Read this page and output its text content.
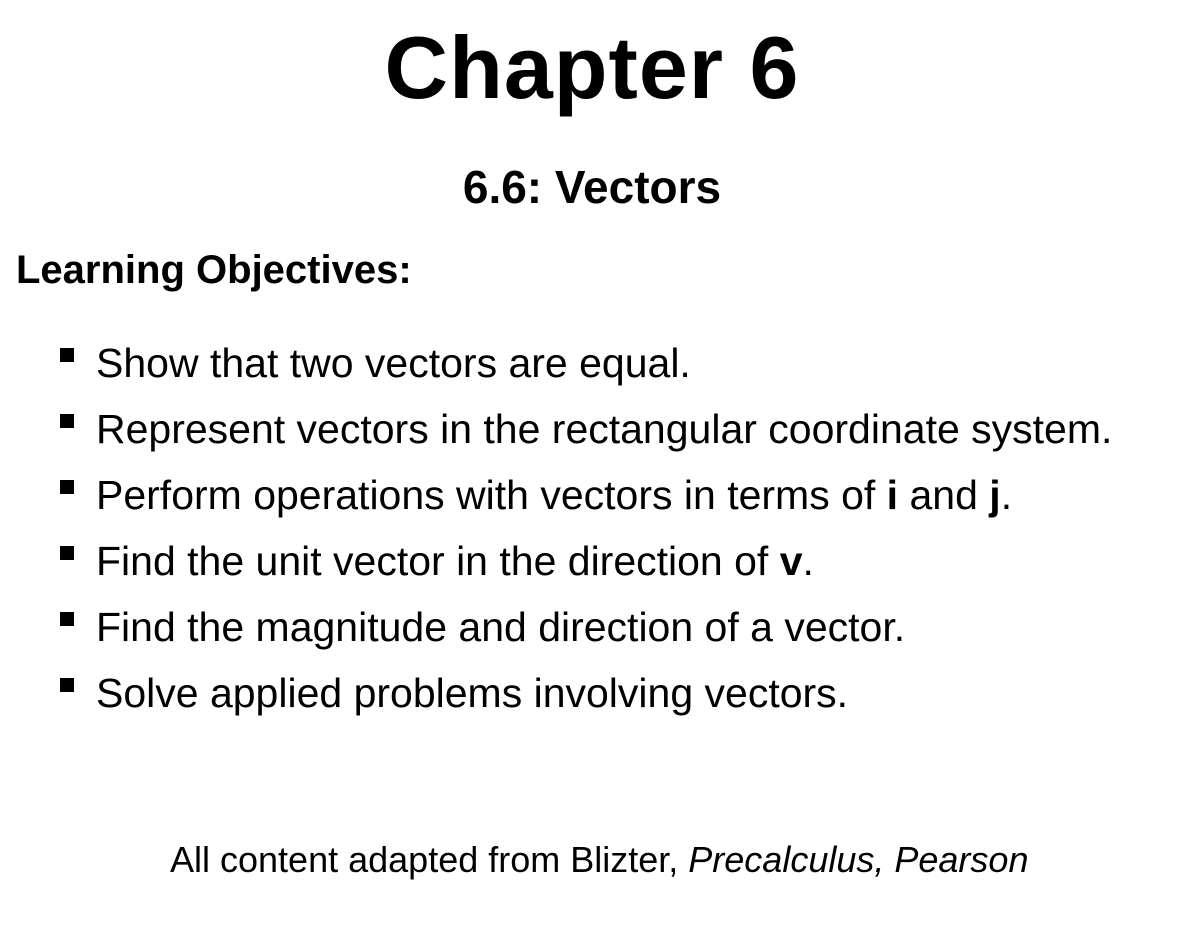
Chapter 6
6.6: Vectors
Learning Objectives:
Show that two vectors are equal.
Represent vectors in the rectangular coordinate system.
Perform operations with vectors in terms of i and j.
Find the unit vector in the direction of v.
Find the magnitude and direction of a vector.
Solve applied problems involving vectors.
All content adapted from Blizter, Precalculus, Pearson
